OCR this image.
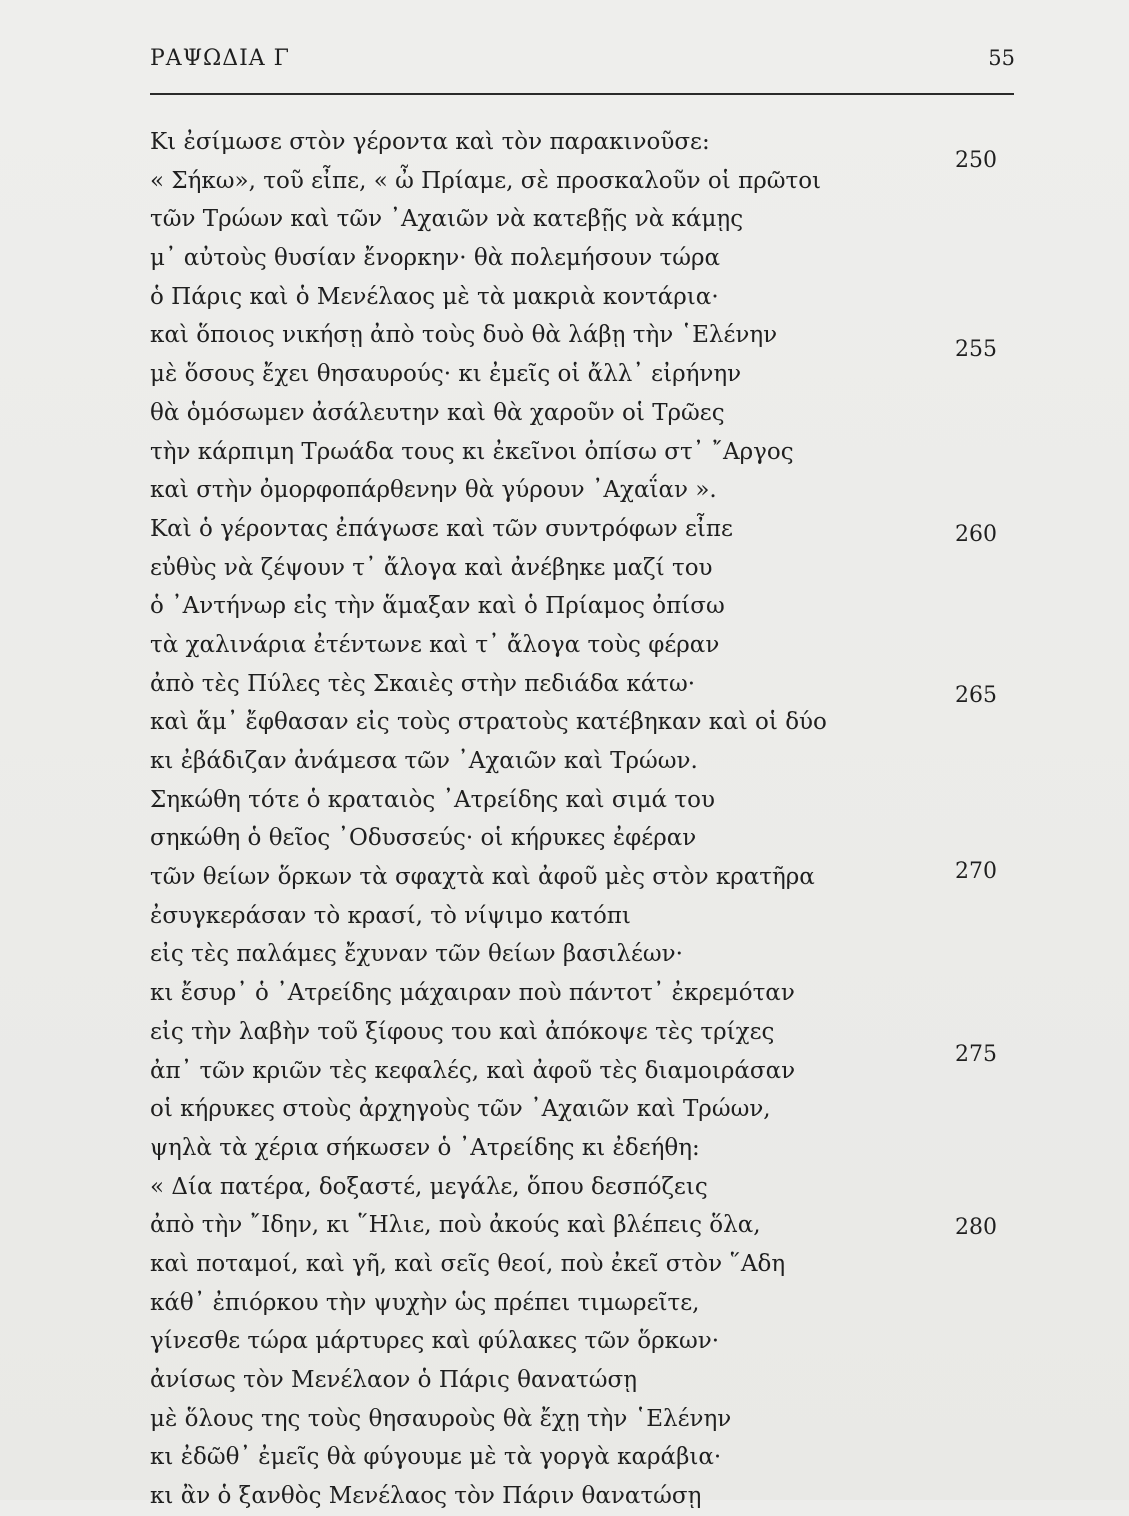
ΡΑΨΩΔΙΑ Γ	55
Κι ἐσίμωσε στὸν γέροντα καὶ τὸν παρακινοῦσε:
« Σήκω», τοῦ εἶπε, « ὦ Πρίαμε, σὲ προσκαλοῦν οἱ πρῶτοι
τῶν Τρώων καὶ τῶν ᾿Αχαιῶν νὰ κατεβῇς νὰ κάμῃς
μ᾿ αὐτοὺς θυσίαν ἔνορκην· θὰ πολεμήσουν τώρα
ὁ Πάρις καὶ ὁ Μενέλαος μὲ τὰ μακριὰ κοντάρια·
καὶ ὅποιος νικήσῃ ἀπὸ τοὺς δυὸ θὰ λάβῃ τὴν ῾Ελένην
μὲ ὅσους ἔχει θησαυρούς· κι ἐμεῖς οἱ ἄλλ᾿ εἰρήνην
θὰ ὁμόσωμεν ἀσάλευτην καὶ θὰ χαροῦν οἱ Τρῶες
τὴν κάρπιμη Τρωάδα τους κι ἐκεῖνοι ὀπίσω στ᾿ ῎Αργος
καὶ στὴν ὀμορφοπάρθενην θὰ γύρουν ᾿Αχαΐαν ».
Καὶ ὁ γέροντας ἐπάγωσε καὶ τῶν συντρόφων εἶπε
εὐθὺς νὰ ζέψουν τ᾿ ἄλογα καὶ ἀνέβηκε μαζί του
ὁ ᾿Αντήνωρ εἰς τὴν ἅμαξαν καὶ ὁ Πρίαμος ὀπίσω
τὰ χαλινάρια ἐτέντωνε καὶ τ᾿ ἄλογα τοὺς φέραν
ἀπὸ τὲς Πύλες τὲς Σκαιὲς στὴν πεδιάδα κάτω·
καὶ ἅμ᾿ ἔφθασαν εἰς τοὺς στρατοὺς κατέβηκαν καὶ οἱ δύο
κι ἐβάδιζαν ἀνάμεσα τῶν ᾿Αχαιῶν καὶ Τρώων.
Σηκώθη τότε ὁ κραταιὸς ᾿Ατρείδης καὶ σιμά του
σηκώθη ὁ θεῖος ᾿Οδυσσεύς· οἱ κήρυκες ἐφέραν
τῶν θείων ὅρκων τὰ σφαχτὰ καὶ ἀφοῦ μὲς στὸν κρατῆρα
ἐσυγκεράσαν τὸ κρασί, τὸ νίψιμο κατόπι
εἰς τὲς παλάμες ἔχυναν τῶν θείων βασιλέων·
κι ἔσυρ᾿ ὁ ᾿Ατρείδης μάχαιραν ποὺ πάντοτ᾿ ἐκρεμόταν
εἰς τὴν λαβὴν τοῦ ξίφους του καὶ ἀπόκοψε τὲς τρίχες
ἀπ᾿ τῶν κριῶν τὲς κεφαλές, καὶ ἀφοῦ τὲς διαμοιράσαν
οἱ κήρυκες στοὺς ἀρχηγοὺς τῶν ᾿Αχαιῶν καὶ Τρώων,
ψηλὰ τὰ χέρια σήκωσεν ὁ ᾿Ατρείδης κι ἐδεήθη:
« Δία πατέρα, δοξαστέ, μεγάλε, ὅπου δεσπόζεις
ἀπὸ τὴν ῎Ιδην, κι ῞Ηλιε, ποὺ ἀκούς καὶ βλέπεις ὅλα,
καὶ ποταμοί, καὶ γῆ, καὶ σεῖς θεοί, ποὺ ἐκεῖ στὸν ῞Αδη
κάθ᾿ ἐπιόρκου τὴν ψυχὴν ὡς πρέπει τιμωρεῖτε,
γίνεσθε τώρα μάρτυρες καὶ φύλακες τῶν ὅρκων·
ἀνίσως τὸν Μενέλαον ὁ Πάρις θανατώσῃ
μὲ ὅλους της τοὺς θησαυροὺς θὰ ἔχῃ τὴν ῾Ελένην
κι ἐδῶθ᾿ ἐμεῖς θὰ φύγουμε μὲ τὰ γοργὰ καράβια·
κι ἂν ὁ ξανθὸς Μενέλαος τὸν Πάριν θανατώσῃ
250
255
260
265
270
275
280
